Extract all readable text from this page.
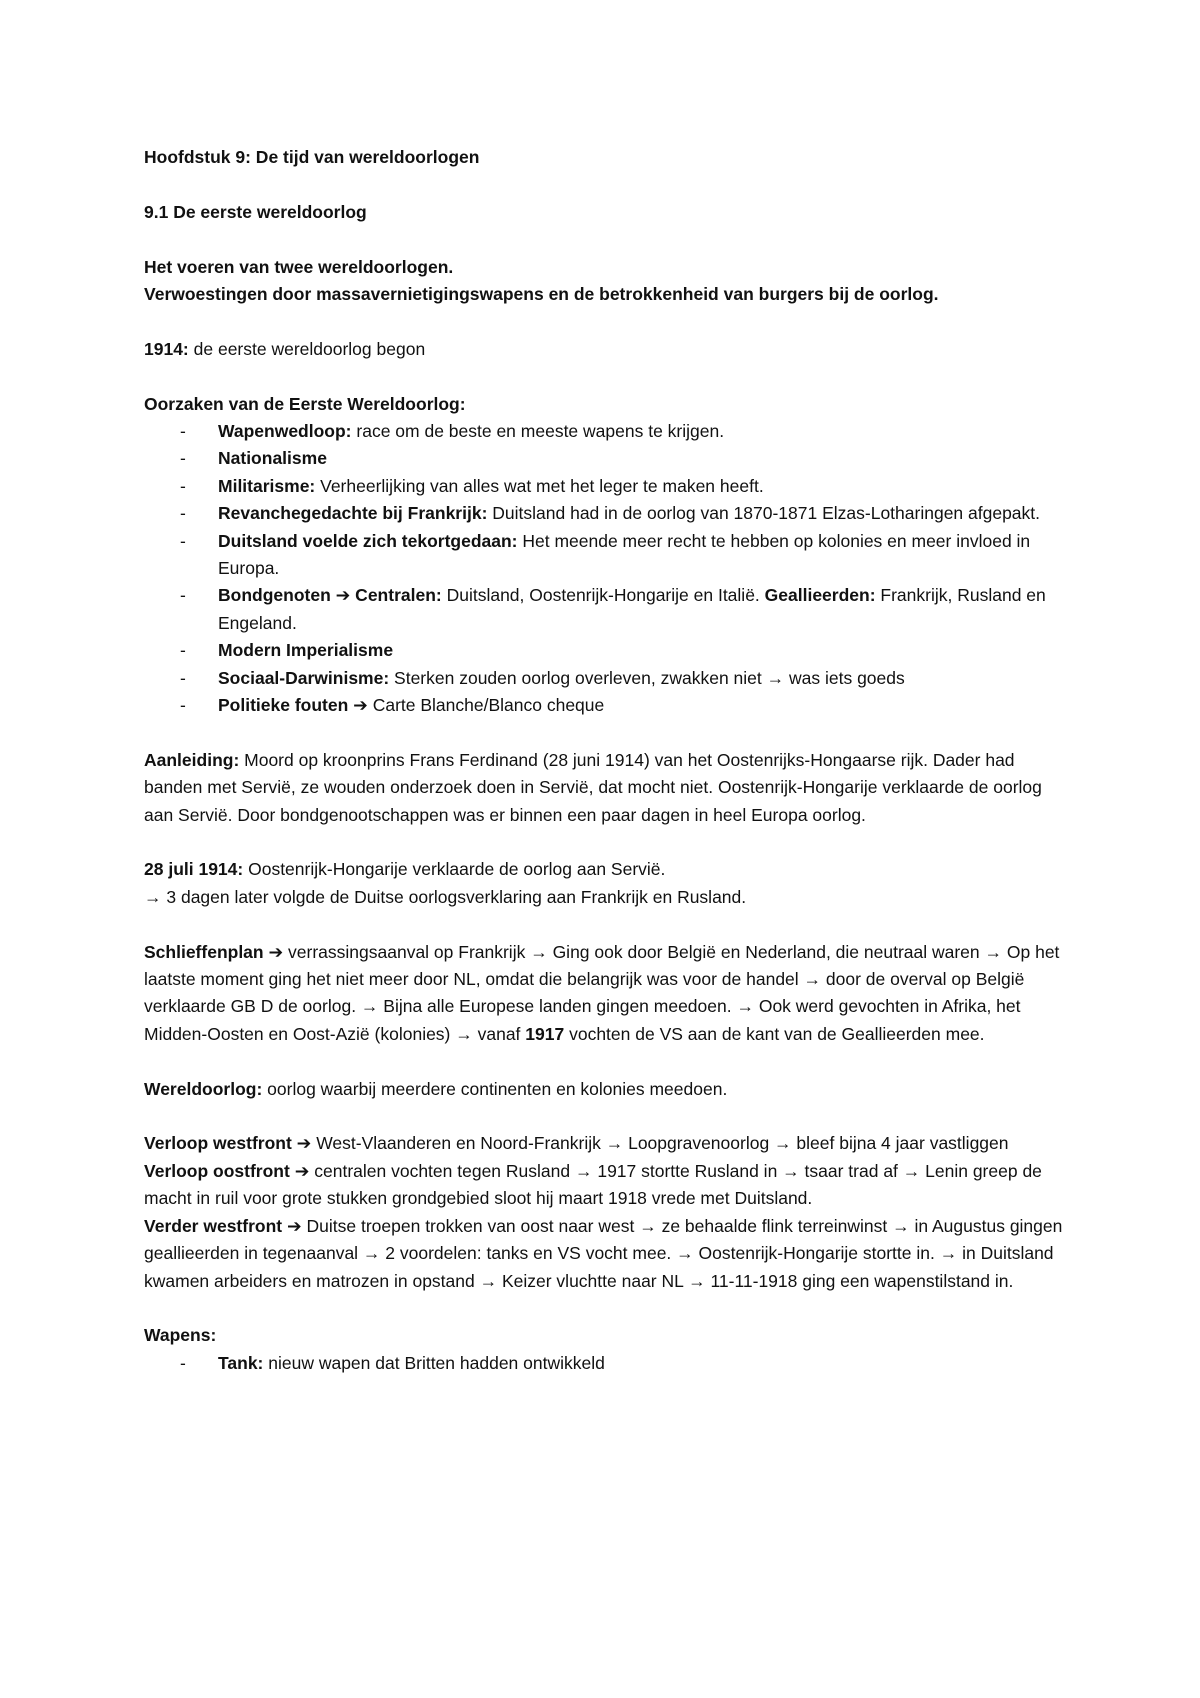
Hoofdstuk 9: De tijd van wereldoorlogen

9.1 De eerste wereldoorlog

Het voeren van twee wereldoorlogen.

Verwoestingen door massavernietigingswapens en de betrokkenheid van burgers bij de oorlog.

1914: de eerste wereldoorlog begon

Oorzaken van de Eerste Wereldoorlog:

- Wapenwedloop: race om de beste en meeste wapens te krijgen.
- Nationalisme
- Militarisme: Verheerlijking van alles wat met het leger te maken heeft.
- Revanchegedachte bij Frankrijk: Duitsland had in de oorlog van 1870-1871 Elzas-Lotharingen afgepakt.
- Duitsland voelde zich tekortgedaan: Het meende meer recht te hebben op kolonies en meer invloed in Europa.
- Bondgenoten ➔ Centralen: Duitsland, Oostenrijk-Hongarije en Italië. Geallieerden: Frankrijk, Rusland en Engeland.
- Modern Imperialisme
- Sociaal-Darwinisme: Sterken zouden oorlog overleven, zwakken niet → was iets goeds
- Politieke fouten ➔ Carte Blanche/Blanco cheque

Aanleiding: Moord op kroonprins Frans Ferdinand (28 juni 1914) van het Oostenrijks-Hongaarse rijk. Dader had banden met Servië, ze wouden onderzoek doen in Servië, dat mocht niet. Oostenrijk-Hongarije verklaarde de oorlog aan Servië. Door bondgenootschappen was er binnen een paar dagen in heel Europa oorlog.

28 juli 1914: Oostenrijk-Hongarije verklaarde de oorlog aan Servië.

→ 3 dagen later volgde de Duitse oorlogsverklaring aan Frankrijk en Rusland.

Schlieffenplan ➔ verrassingsaanval op Frankrijk → Ging ook door België en Nederland, die neutraal waren → Op het laatste moment ging het niet meer door NL, omdat die belangrijk was voor de handel → door de overval op België verklaarde GB D de oorlog. → Bijna alle Europese landen gingen meedoen. → Ook werd gevochten in Afrika, het Midden-Oosten en Oost-Azië (kolonies) → vanaf 1917 vochten de VS aan de kant van de Geallieerden mee.

Wereldoorlog: oorlog waarbij meerdere continenten en kolonies meedoen.

Verloop westfront ➔ West-Vlaanderen en Noord-Frankrijk → Loopgravenoorlog → bleef bijna 4 jaar vastliggen

Verloop oostfront ➔ centralen vochten tegen Rusland → 1917 stortte Rusland in → tsaar trad af → Lenin greep de macht in ruil voor grote stukken grondgebied sloot hij maart 1918 vrede met Duitsland.

Verder westfront ➔ Duitse troepen trokken van oost naar west → ze behaalde flink terreinwinst → in Augustus gingen geallieerden in tegenaanval → 2 voordelen: tanks en VS vocht mee. → Oostenrijk-Hongarije stortte in. → in Duitsland kwamen arbeiders en matrozen in opstand → Keizer vluchtte naar NL → 11-11-1918 ging een wapenstilstand in.

Wapens:

- Tank: nieuw wapen dat Britten hadden ontwikkeld
